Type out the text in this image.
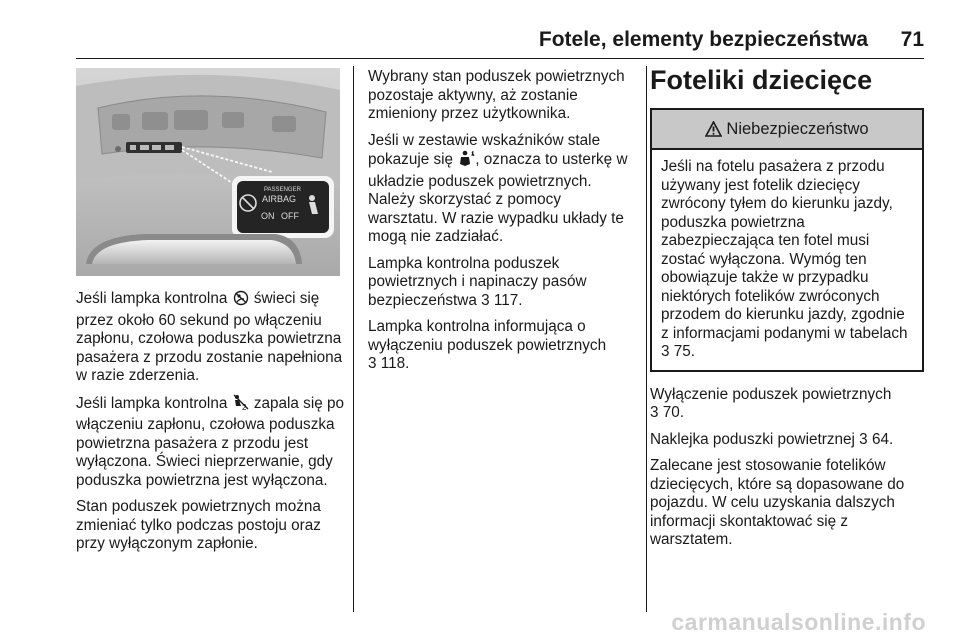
Fotele, elementy bezpieczeństwa 71
PASSENGER
AIRBAG
ON OFF

Jeśli lampka kontrolna  świeci się przez około 60 sekund po włączeniu zapłonu, czołowa poduszka powietrzna pasażera z przodu zostanie napełniona w razie zderzenia.

Jeśli lampka kontrolna 2 zapala się po włączeniu zapłonu, czołowa poduszka powietrzna pasażera z przodu jest wyłączona. Świeci nieprzerwanie, gdy poduszka powietrzna jest wyłączona.

Stan poduszek powietrznych można zmieniać tylko podczas postoju oraz przy wyłączonym zapłonie.

Wybrany stan poduszek powietrznych pozostaje aktywny, aż zostanie zmieniony przez użytkownika.

Jeśli w zestawie wskaźników stale pokazuje się , oznacza to usterkę w układzie poduszek powietrznych. Należy skorzystać z pomocy warsztatu. W razie wypadku układy te mogą nie zadziałać.

Lampka kontrolna poduszek powietrznych i napinaczy pasów bezpieczeństwa 3 117.

Lampka kontrolna informująca o wyłączeniu poduszek powietrznych
3 118.

Foteliki dziecięce
Niebezpieczeństwo

Jeśli na fotelu pasażera z przodu używany jest fotelik dziecięcy zwrócony tyłem do kierunku jazdy, poduszka powietrzna zabezpieczająca ten fotel musi zostać wyłączona. Wymóg ten obowiązuje także w przypadku niektórych fotelików zwróconych przodem do kierunku jazdy, zgodnie z informacjami podanymi w tabelach 3 75.

Wyłączenie poduszek powietrznych
3 70.

Naklejka poduszki powietrznej 3 64.

Zalecane jest stosowanie fotelików dziecięcych, które są dopasowane do pojazdu. W celu uzyskania dalszych informacji skontaktować się z warsztatem.

carmanualsonline.info
